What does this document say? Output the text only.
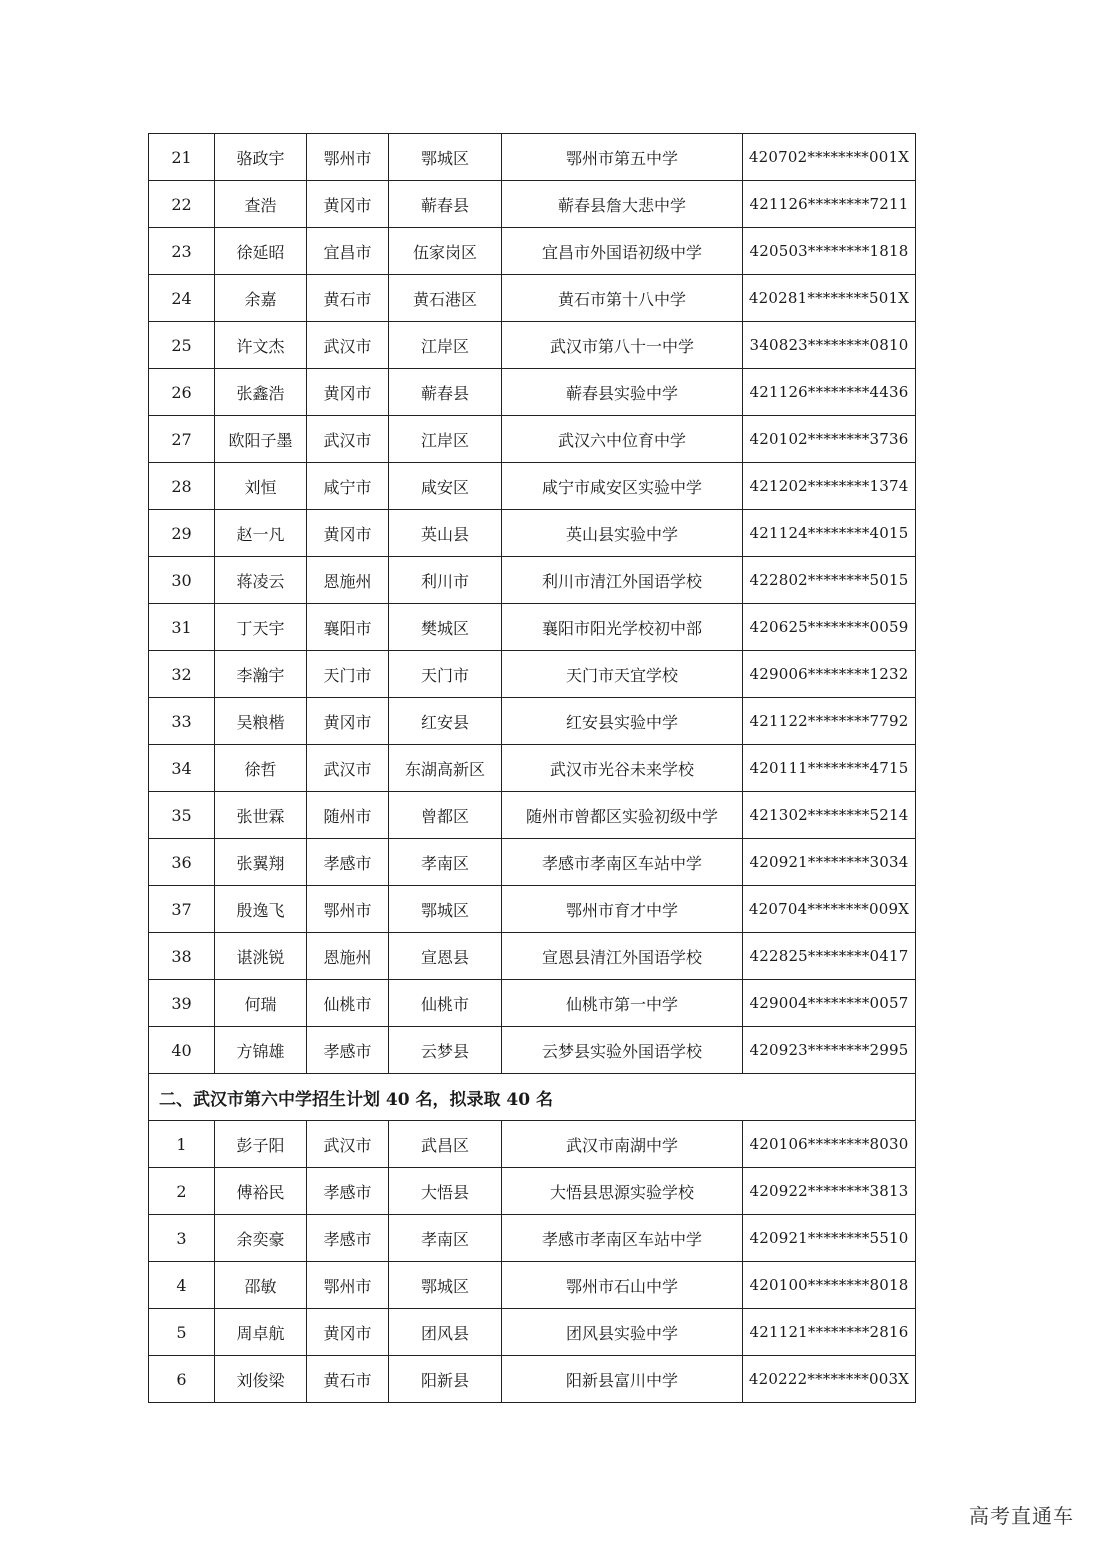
21	骆政宇	鄂州市	鄂城区	鄂州市第五中学	420702********001X
22	查浩	黄冈市	蕲春县	蕲春县詹大悲中学	421126********7211
23	徐延昭	宜昌市	伍家岗区	宜昌市外国语初级中学	420503********1818
24	余嘉	黄石市	黄石港区	黄石市第十八中学	420281********501X
25	许文杰	武汉市	江岸区	武汉市第八十一中学	340823********0810
26	张鑫浩	黄冈市	蕲春县	蕲春县实验中学	421126********4436
27	欧阳子墨	武汉市	江岸区	武汉六中位育中学	420102********3736
28	刘恒	咸宁市	咸安区	咸宁市咸安区实验中学	421202********1374
29	赵一凡	黄冈市	英山县	英山县实验中学	421124********4015
30	蒋凌云	恩施州	利川市	利川市清江外国语学校	422802********5015
31	丁天宇	襄阳市	樊城区	襄阳市阳光学校初中部	420625********0059
32	李瀚宇	天门市	天门市	天门市天宜学校	429006********1232
33	吴粮楷	黄冈市	红安县	红安县实验中学	421122********7792
34	徐哲	武汉市	东湖高新区	武汉市光谷未来学校	420111********4715
35	张世霖	随州市	曾都区	随州市曾都区实验初级中学	421302********5214
36	张翼翔	孝感市	孝南区	孝感市孝南区车站中学	420921********3034
37	殷逸飞	鄂州市	鄂城区	鄂州市育才中学	420704********009X
38	谌洮锐	恩施州	宣恩县	宣恩县清江外国语学校	422825********0417
39	何瑞	仙桃市	仙桃市	仙桃市第一中学	429004********0057
40	方锦雄	孝感市	云梦县	云梦县实验外国语学校	420923********2995
二、武汉市第六中学招生计划 40 名，拟录取 40 名					
1	彭子阳	武汉市	武昌区	武汉市南湖中学	420106********8030
2	傅裕民	孝感市	大悟县	大悟县思源实验学校	420922********3813
3	余奕豪	孝感市	孝南区	孝感市孝南区车站中学	420921********5510
4	邵敏	鄂州市	鄂城区	鄂州市石山中学	420100********8018
5	周卓航	黄冈市	团风县	团风县实验中学	421121********2816
6	刘俊梁	黄石市	阳新县	阳新县富川中学	420222********003X
高考直通车
